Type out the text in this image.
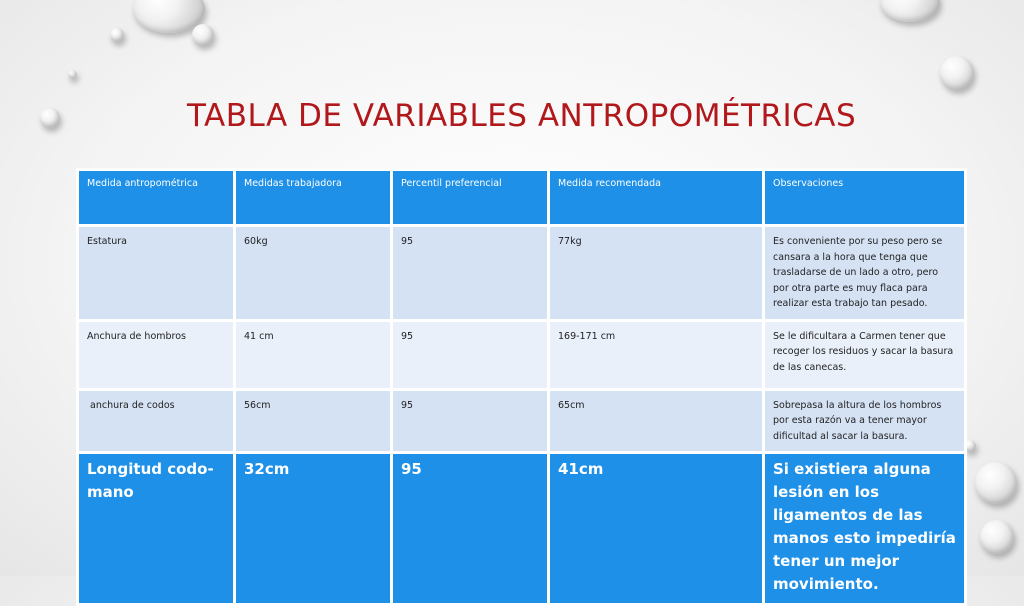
TABLA DE VARIABLES ANTROPOMÉTRICAS
Medida antropométrica	Medidas trabajadora	Percentil preferencial	Medida recomendada	Observaciones
Estatura	60kg	95	77kg	Es conveniente por su peso pero se cansara a la hora que tenga que trasladarse de un lado a otro, pero por otra parte es muy flaca para realizar esta trabajo tan pesado.
Anchura de hombros	41 cm	95	169-171 cm	Se le dificultara a Carmen tener que recoger los residuos y sacar la basura de las canecas.
anchura de codos	56cm	95	65cm	Sobrepasa la altura de los hombros por esta razón va a tener mayor dificultad al sacar la basura.
Longitud codo-mano	32cm	95	41cm	Si existiera alguna lesión en los ligamentos de las manos esto impediría tener un mejor movimiento.
